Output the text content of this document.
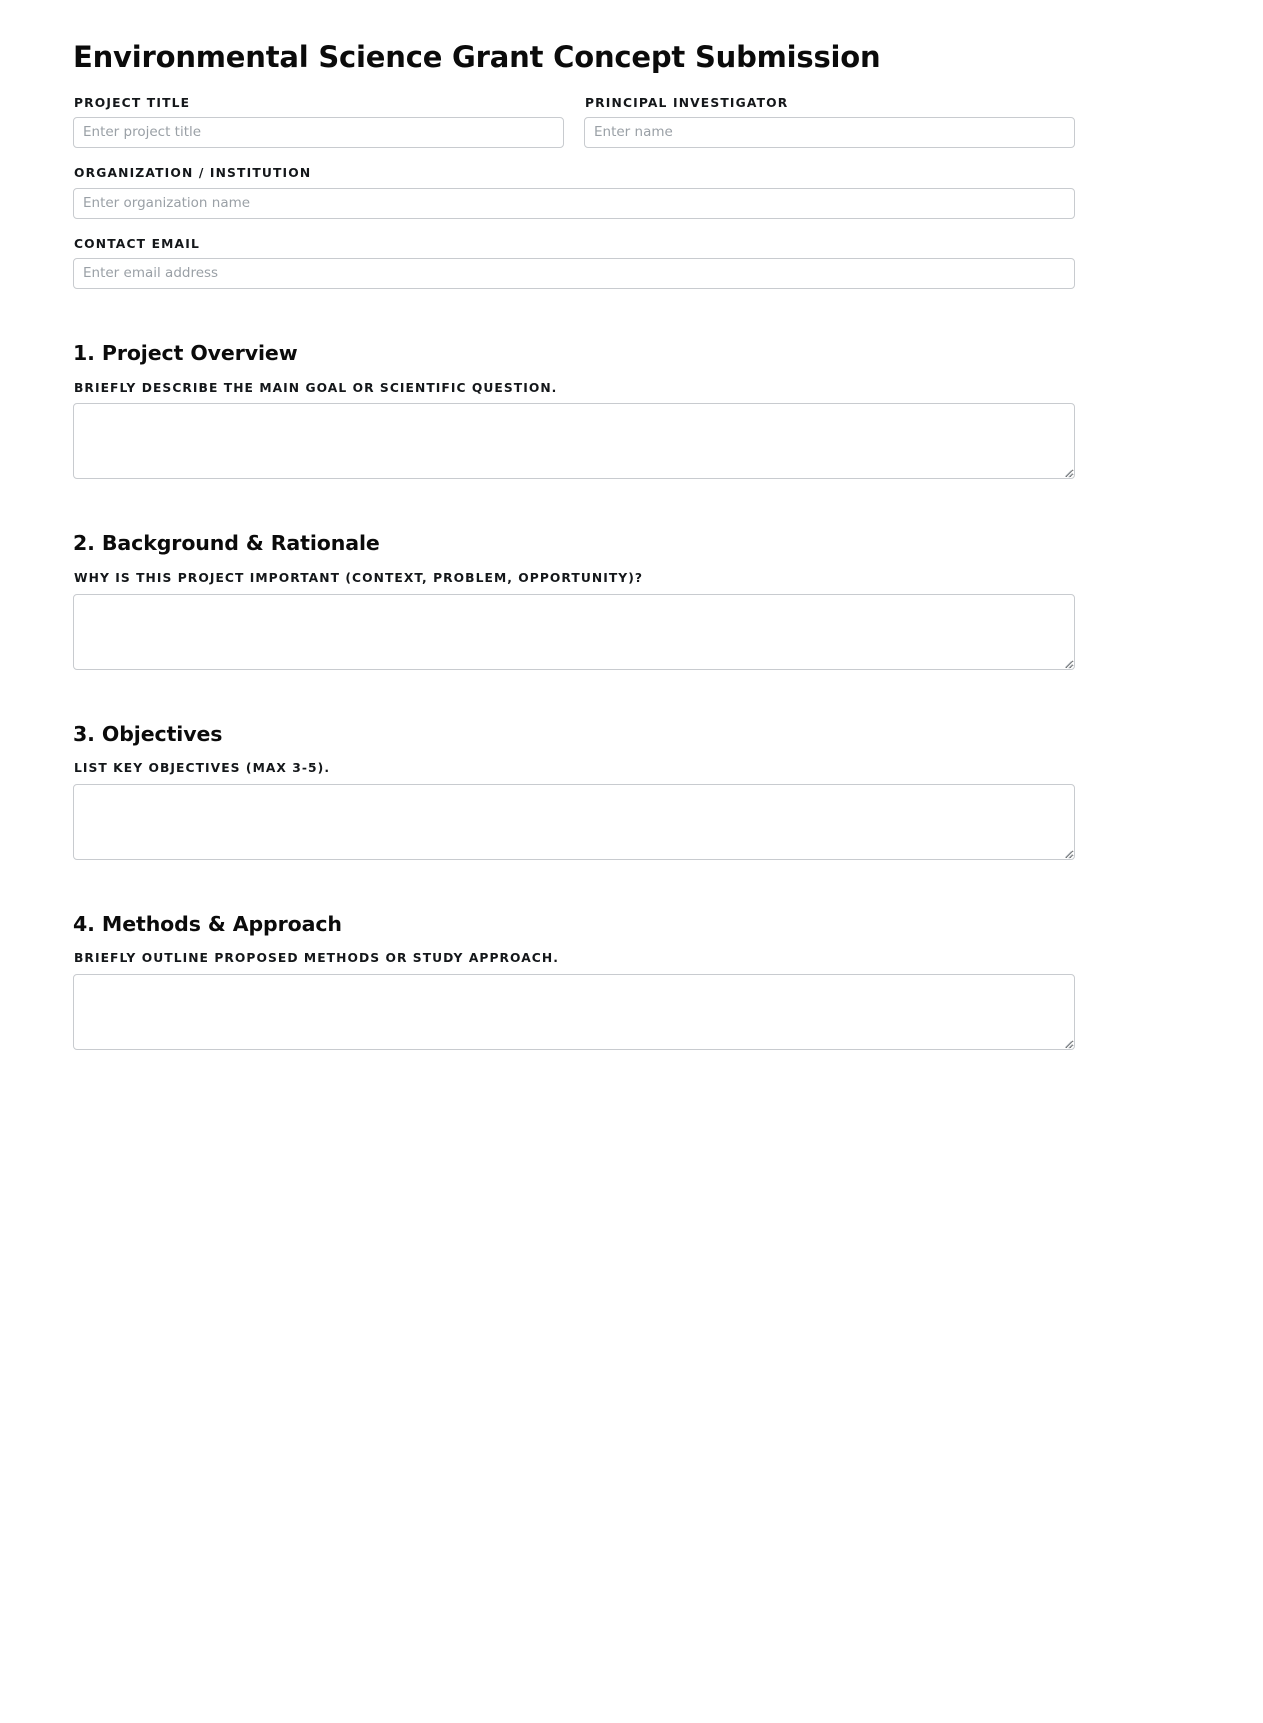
Environmental Science Grant Concept Submission
PROJECT TITLE
Enter project title	PRINCIPAL INVESTIGATOR
Enter name
ORGANIZATION / INSTITUTION
Enter organization name
CONTACT EMAIL
Enter email address
1. Project Overview
BRIEFLY DESCRIBE THE MAIN GOAL OR SCIENTIFIC QUESTION.
2. Background & Rationale
WHY IS THIS PROJECT IMPORTANT (CONTEXT, PROBLEM, OPPORTUNITY)?
3. Objectives
LIST KEY OBJECTIVES (MAX 3-5).
4. Methods & Approach
BRIEFLY OUTLINE PROPOSED METHODS OR STUDY APPROACH.
